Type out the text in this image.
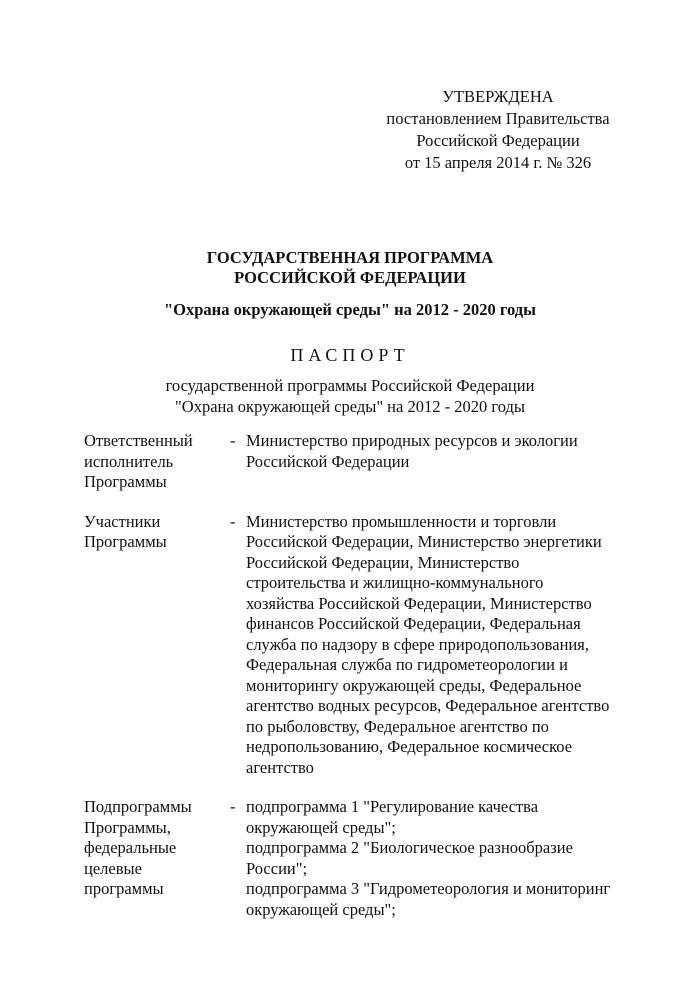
УТВЕРЖДЕНА
постановлением Правительства
Российской Федерации
от 15 апреля 2014 г. № 326
ГОСУДАРСТВЕННАЯ ПРОГРАММА
РОССИЙСКОЙ ФЕДЕРАЦИИ
"Охрана окружающей среды" на 2012 - 2020 годы
ПАСПОРТ
государственной программы Российской Федерации
"Охрана окружающей среды" на 2012 - 2020 годы
Ответственный
исполнитель
Программы
- Министерство природных ресурсов и экологии
Российской Федерации
Участники
Программы
- Министерство промышленности и торговли
Российской Федерации, Министерство энергетики
Российской Федерации, Министерство
строительства и жилищно-коммунального
хозяйства Российской Федерации, Министерство
финансов Российской Федерации, Федеральная
служба по надзору в сфере природопользования,
Федеральная служба по гидрометеорологии и
мониторингу окружающей среды, Федеральное
агентство водных ресурсов, Федеральное агентство
по рыболовству, Федеральное агентство по
недропользованию, Федеральное космическое
агентство
Подпрограммы
Программы,
федеральные
целевые
программы
- подпрограмма 1 "Регулирование качества
окружающей среды";
подпрограмма 2 "Биологическое разнообразие
России";
подпрограмма 3 "Гидрометеорология и мониторинг
окружающей среды";
